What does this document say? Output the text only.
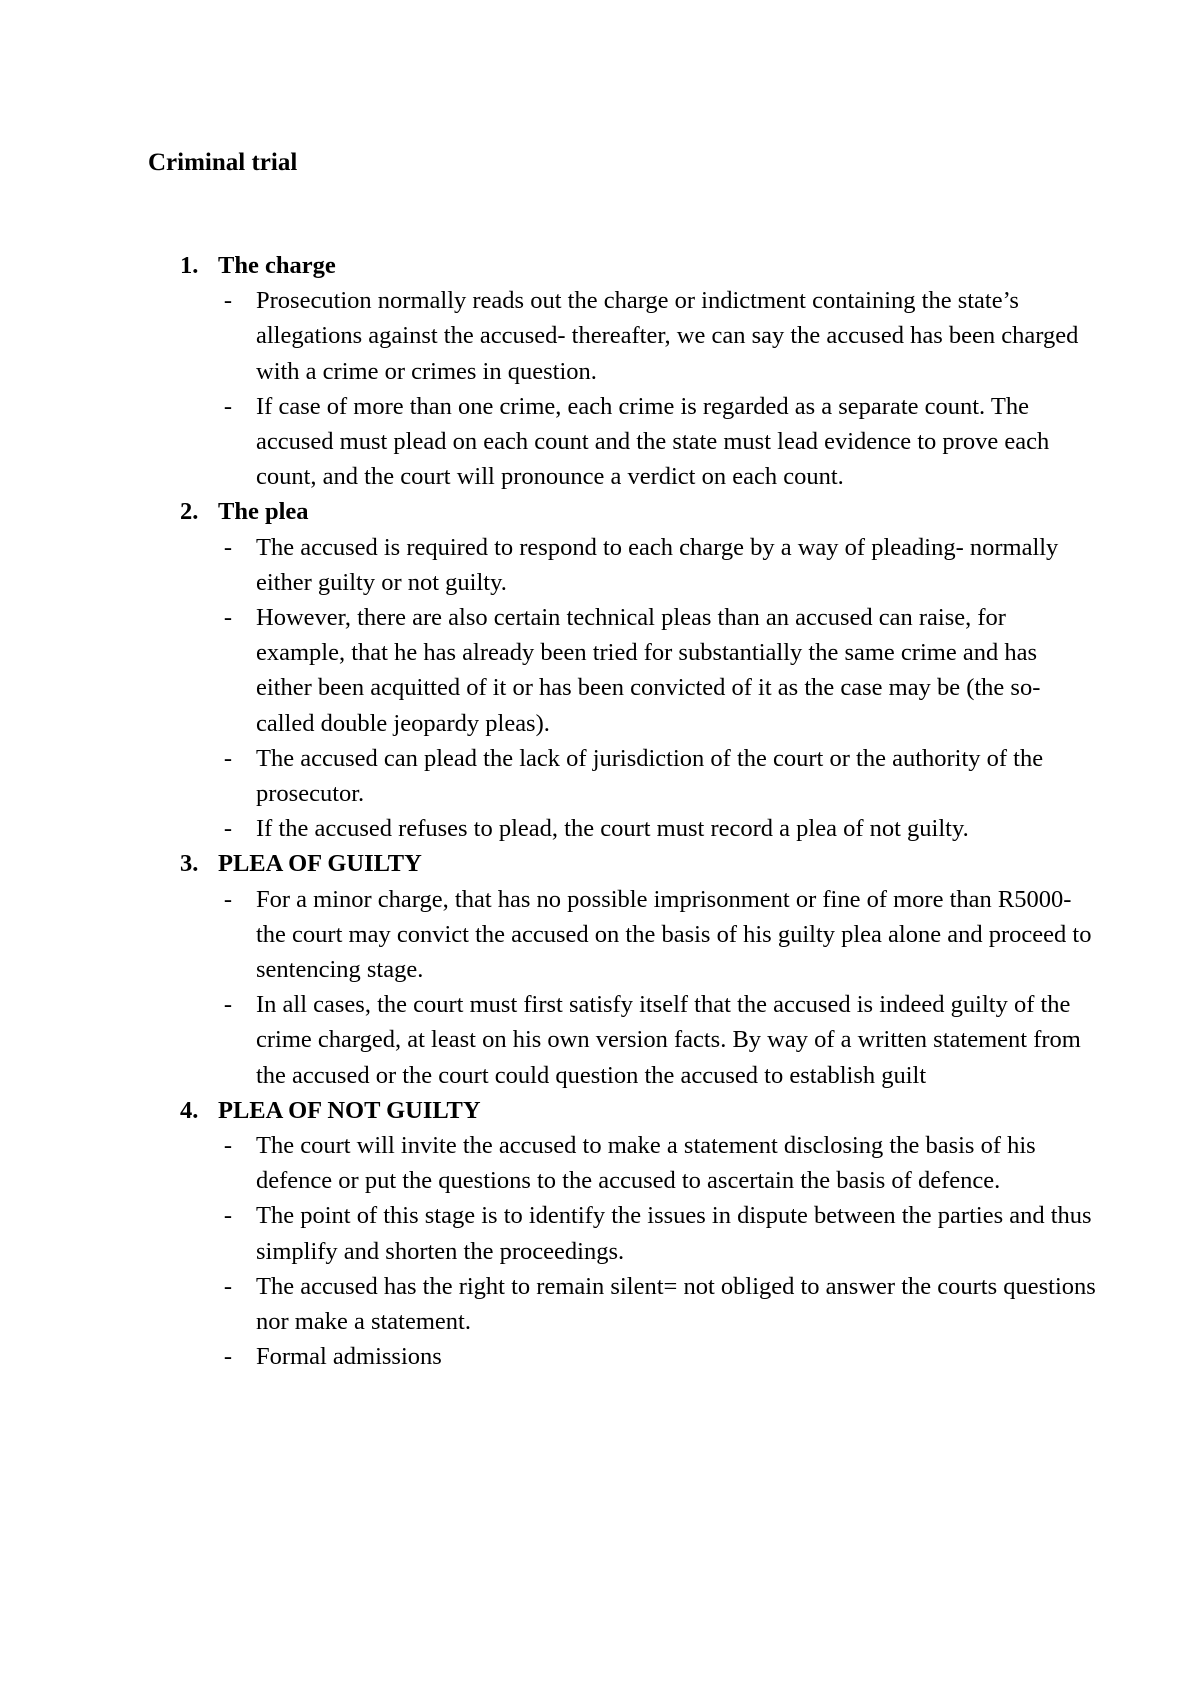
Criminal trial
1. The charge
- Prosecution normally reads out the charge or indictment containing the state’s allegations against the accused- thereafter, we can say the accused has been charged with a crime or crimes in question.
- If case of more than one crime, each crime is regarded as a separate count. The accused must plead on each count and the state must lead evidence to prove each count, and the court will pronounce a verdict on each count.
2. The plea
- The accused is required to respond to each charge by a way of pleading- normally either guilty or not guilty.
- However, there are also certain technical pleas than an accused can raise, for example, that he has already been tried for substantially the same crime and has either been acquitted of it or has been convicted of it as the case may be (the so-called double jeopardy pleas).
- The accused can plead the lack of jurisdiction of the court or the authority of the prosecutor.
- If the accused refuses to plead, the court must record a plea of not guilty.
3. PLEA OF GUILTY
- For a minor charge, that has no possible imprisonment or fine of more than R5000- the court may convict the accused on the basis of his guilty plea alone and proceed to sentencing stage.
- In all cases, the court must first satisfy itself that the accused is indeed guilty of the crime charged, at least on his own version facts. By way of a written statement from the accused or the court could question the accused to establish guilt
4. PLEA OF NOT GUILTY
- The court will invite the accused to make a statement disclosing the basis of his defence or put the questions to the accused to ascertain the basis of defence.
- The point of this stage is to identify the issues in dispute between the parties and thus simplify and shorten the proceedings.
- The accused has the right to remain silent= not obliged to answer the courts questions nor make a statement.
- Formal admissions
